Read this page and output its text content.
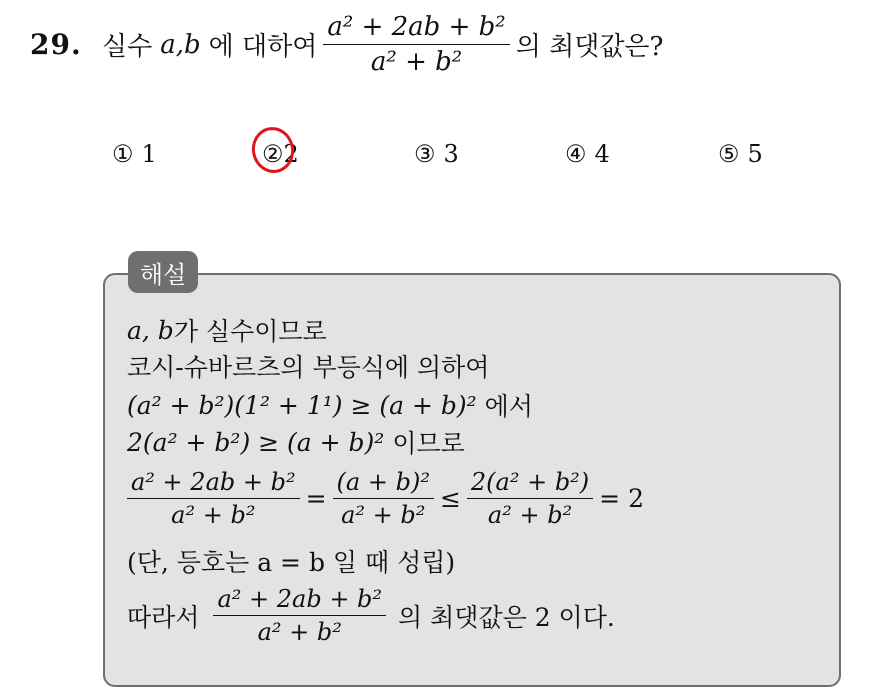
29. 실수 a,b 에 대하여 $\frac{\text{a² + 2ab + b²}}{\text{a² + b²}}$ 의 최댓값은?
① 1	② 2	③ 3	④ 4	⑤ 5
해설
a, b 가 실수이므로
코시-슈바르츠의 부등식에 의하여
(a² + b²)(1² + 1¹) ≥ (a + b)² 에서
2(a² + b²) ≥ (a + b)² 이므로
$\frac{\text{a² + 2ab + b²}}{\text{a² + b²}} = \frac{\text{(a + b)²}}{\text{a² + b²}} \le \frac{\text{2(a² + b²)}}{\text{a² + b²}} = 2$
(단, 등호는 a = b 일 때 성립)
따라서 $\frac{\text{a² + 2ab + b²}}{\text{a² + b²}}$ 의 최댓값은 2 이다.
